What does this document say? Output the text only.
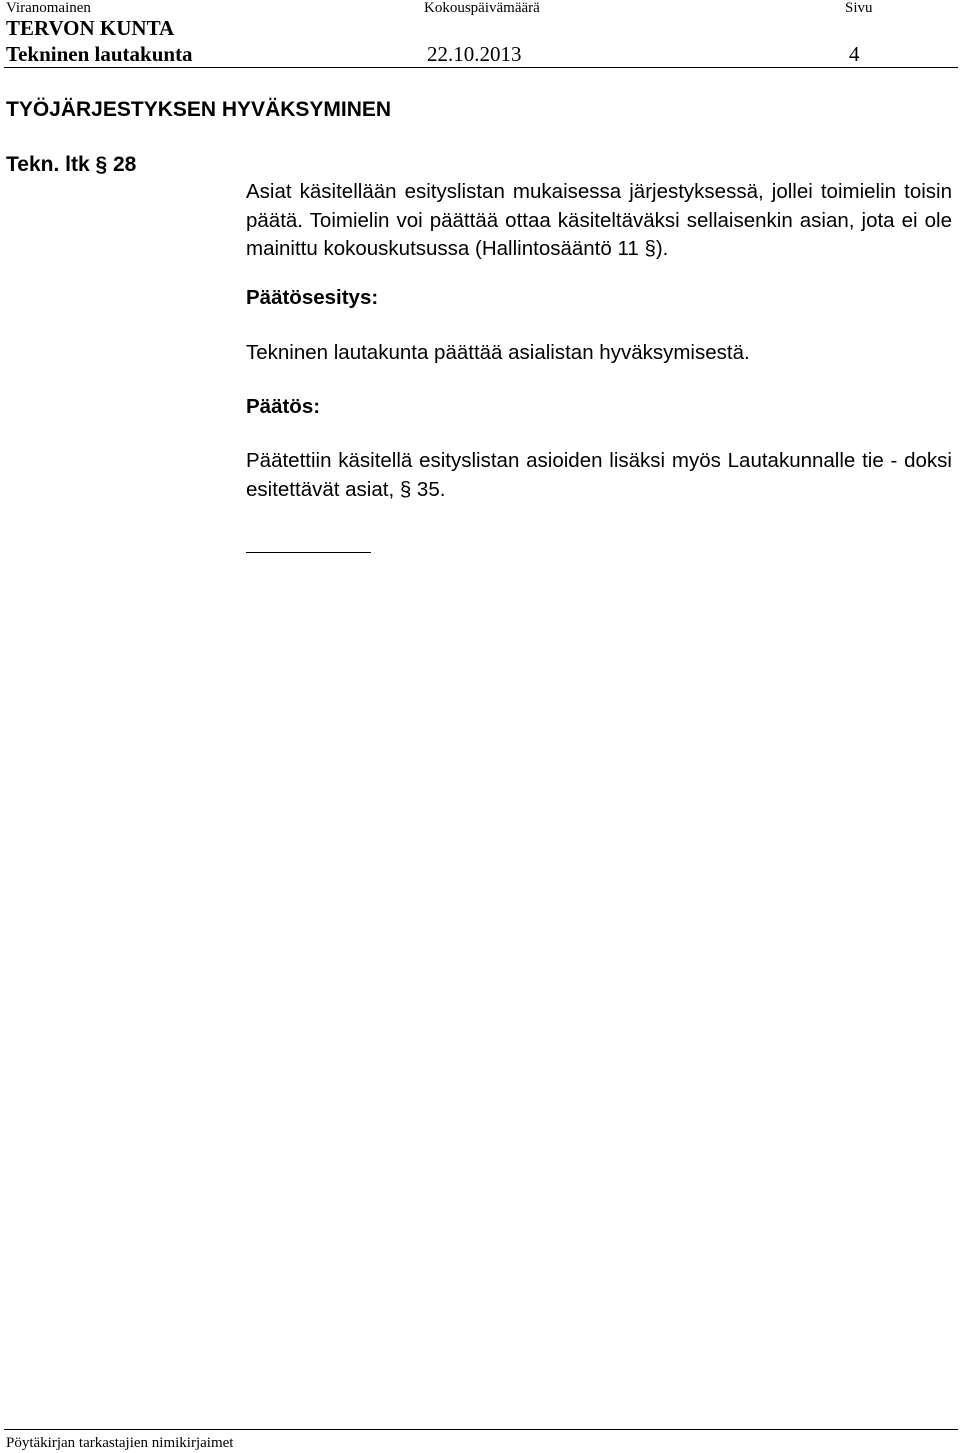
Viranomainen	Kokouspäivämäärä	Sivu
TERVON KUNTA
Tekninen lautakunta	22.10.2013	4
TYÖJÄRJESTYKSEN HYVÄKSYMINEN
Tekn. ltk § 28
Asiat käsitellään esityslistan mukaisessa järjestyksessä, jollei toimielin toisin päätä. Toimielin voi päättää ottaa käsiteltäväksi sellaisenkin asian, jota ei ole mainittu kokouskutsussa (Hallintosääntö 11 §).
Päätösesitys:
Tekninen lautakunta päättää asialistan hyväksymisestä.
Päätös:
Päätettiin käsitellä esityslistan asioiden lisäksi myös Lautakunnalle tie - doksi esitettävät asiat, § 35.
Pöytäkirjan tarkastajien nimikirjaimet
